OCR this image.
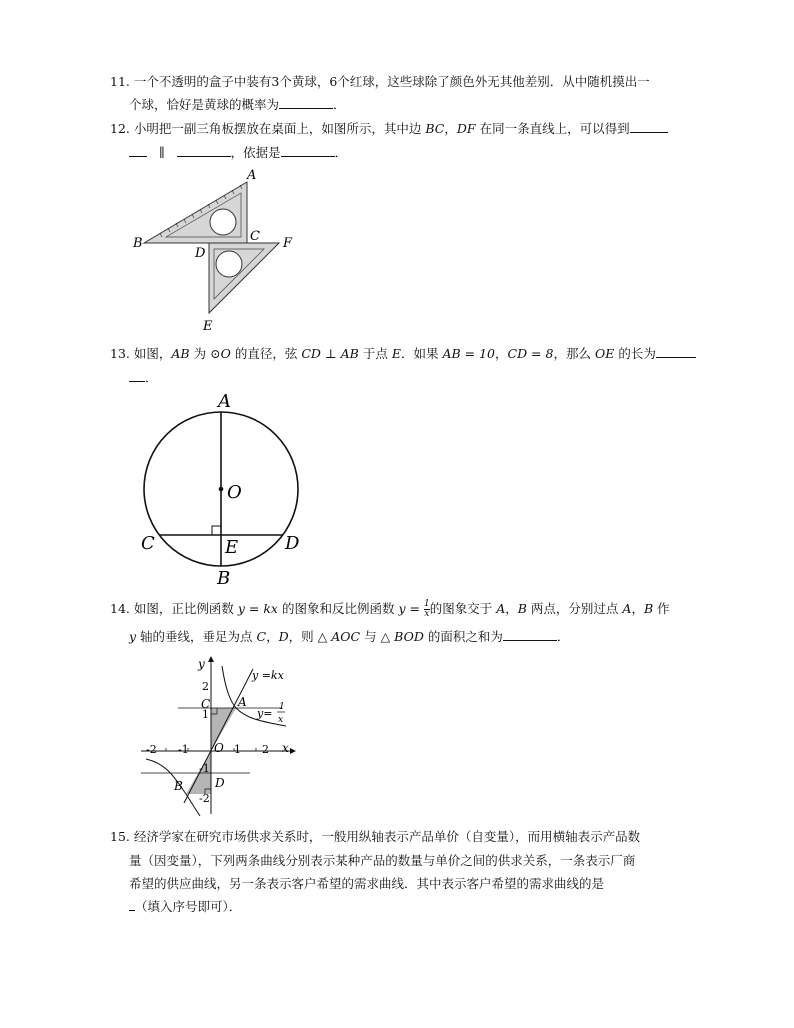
11. 一个不透明的盒子中装有3个黄球，6个红球，这些球除了颜色外无其他差别．从中随机摸出一
个球，恰好是黄球的概率为	．
12. 小明把一副三角板摆放在桌面上，如图所示，其中边 BC，DF 在同一条直线上，可以得到
∥	，依据是	．
A
B	C
D
E
F
13. 如图，AB 为 ⊙O 的直径，弦 CD ⊥ AB 于点 E．如果 AB = 10，CD = 8，那么 OE 的长为
．
A
O
C	E	D
B
14. 如图，正比例函数 y = kx 的图象和反比例函数 $y = \frac{1}{x}$ 的图象交于 A，B 两点，分别过点 A，B 作
y 轴的垂线，垂足为点 C，D，则 △ AOC 与 △ BOD 的面积之和为	．
y
x
O
y =kx
y= 1
x
-2 -1	1 2
2
1
-1
-2
C A
B	D
15. 经济学家在研究市场供求关系时，一般用纵轴表示产品单价（自变量），而用横轴表示产品数
量（因变量），下列两条曲线分别表示某种产品的数量与单价之间的供求关系，一条表示厂商
希望的供应曲线，另一条表示客户希望的需求曲线．其中表示客户希望的需求曲线的是
（填入序号即可）．
